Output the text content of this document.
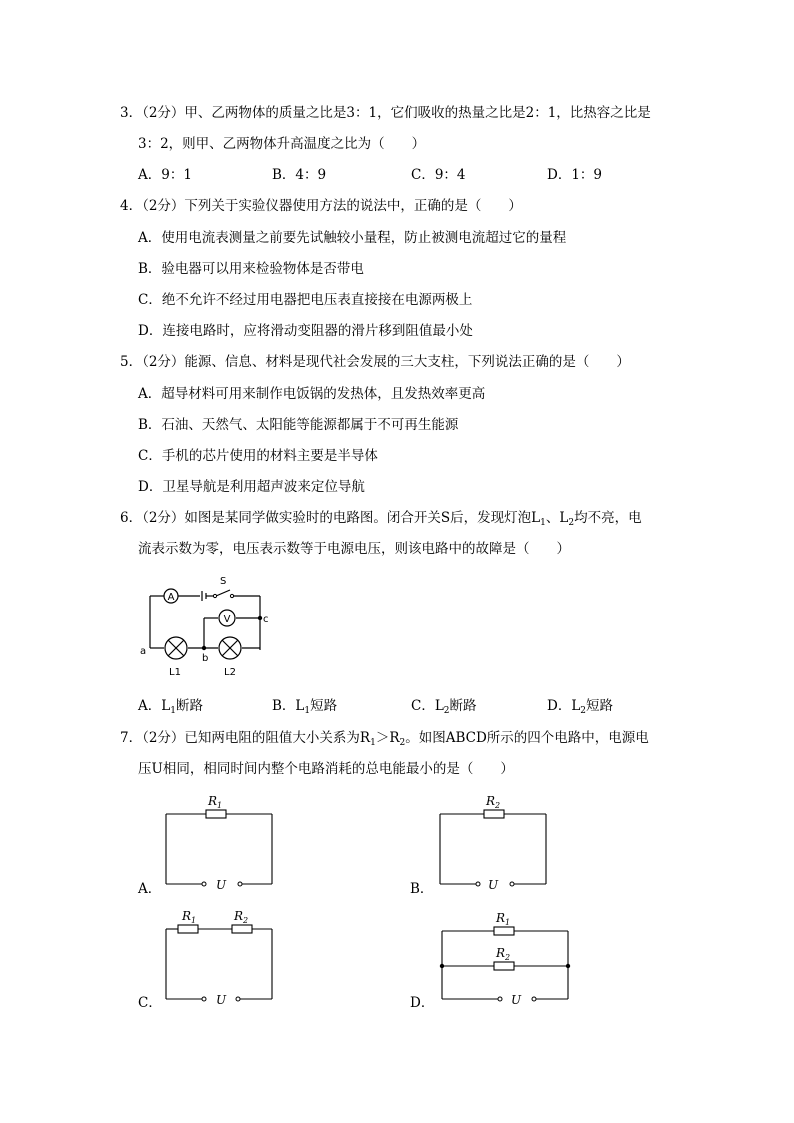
3．（2分）甲、乙两物体的质量之比是3：1，它们吸收的热量之比是2：1，比热容之比是
3：2，则甲、乙两物体升高温度之比为（　　）
A．9：1	B．4：9	C．9：4	D．1：9
4．（2分）下列关于实验仪器使用方法的说法中，正确的是（　　）
A．使用电流表测量之前要先试触较小量程，防止被测电流超过它的量程
B．验电器可以用来检验物体是否带电
C．绝不允许不经过用电器把电压表直接接在电源两极上
D．连接电路时，应将滑动变阻器的滑片移到阻值最小处
5．（2分）能源、信息、材料是现代社会发展的三大支柱，下列说法正确的是（　　）
A．超导材料可用来制作电饭锅的发热体，且发热效率更高
B．石油、天然气、太阳能等能源都属于不可再生能源
C．手机的芯片使用的材料主要是半导体
D．卫星导航是利用超声波来定位导航
6．（2分）如图是某同学做实验时的电路图。闭合开关S后，发现灯泡$L_1$、$L_2$均不亮，电
流表示数为零，电压表示数等于电源电压，则该电路中的故障是（　　）
A
S
V
a
b
c
L1	L2
A．$L_1$断路	B．$L_1$短路	C．$L_2$断路	D．$L_2$短路
7．（2分）已知两电阻的阻值大小关系为$R_1>R_2$。如图ABCD所示的四个电路中，电源电
压U相同，相同时间内整个电路消耗的总电能最小的是（　　）
A．
$R_1$
U	B．
$R_2$
U
C．
$R_1$	$R_2$
U	D．
$R_1$
$R_2$
U
